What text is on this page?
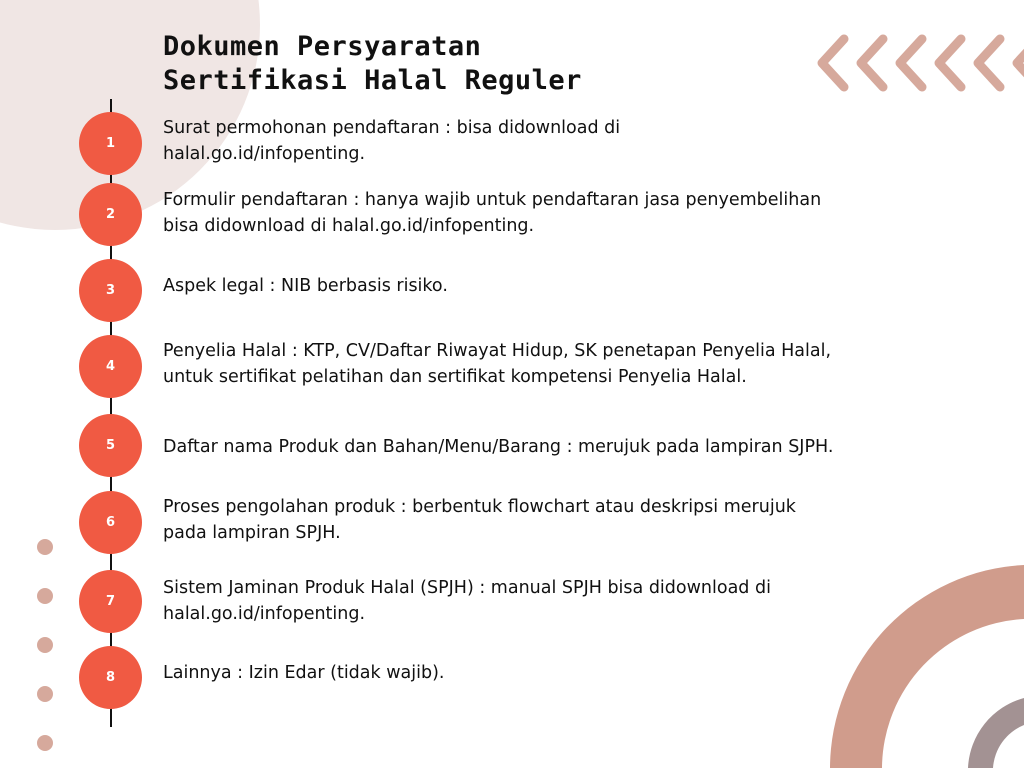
Dokumen Persyaratan
Sertifikasi Halal Reguler
1
2
3
4
5
6
7
8

Surat permohonan pendaftaran : bisa didownload di
halal.go.id/infopenting.

Formulir pendaftaran : hanya wajib untuk pendaftaran jasa penyembelihan
bisa didownload di halal.go.id/infopenting.

Aspek legal : NIB berbasis risiko.

Penyelia Halal : KTP, CV/Daftar Riwayat Hidup, SK penetapan Penyelia Halal,
untuk sertifikat pelatihan dan sertifikat kompetensi Penyelia Halal.

Daftar nama Produk dan Bahan/Menu/Barang : merujuk pada lampiran SJPH.

Proses pengolahan produk : berbentuk flowchart atau deskripsi merujuk
pada lampiran SPJH.

Sistem Jaminan Produk Halal (SPJH) : manual SPJH bisa didownload di
halal.go.id/infopenting.

Lainnya : Izin Edar (tidak wajib).
